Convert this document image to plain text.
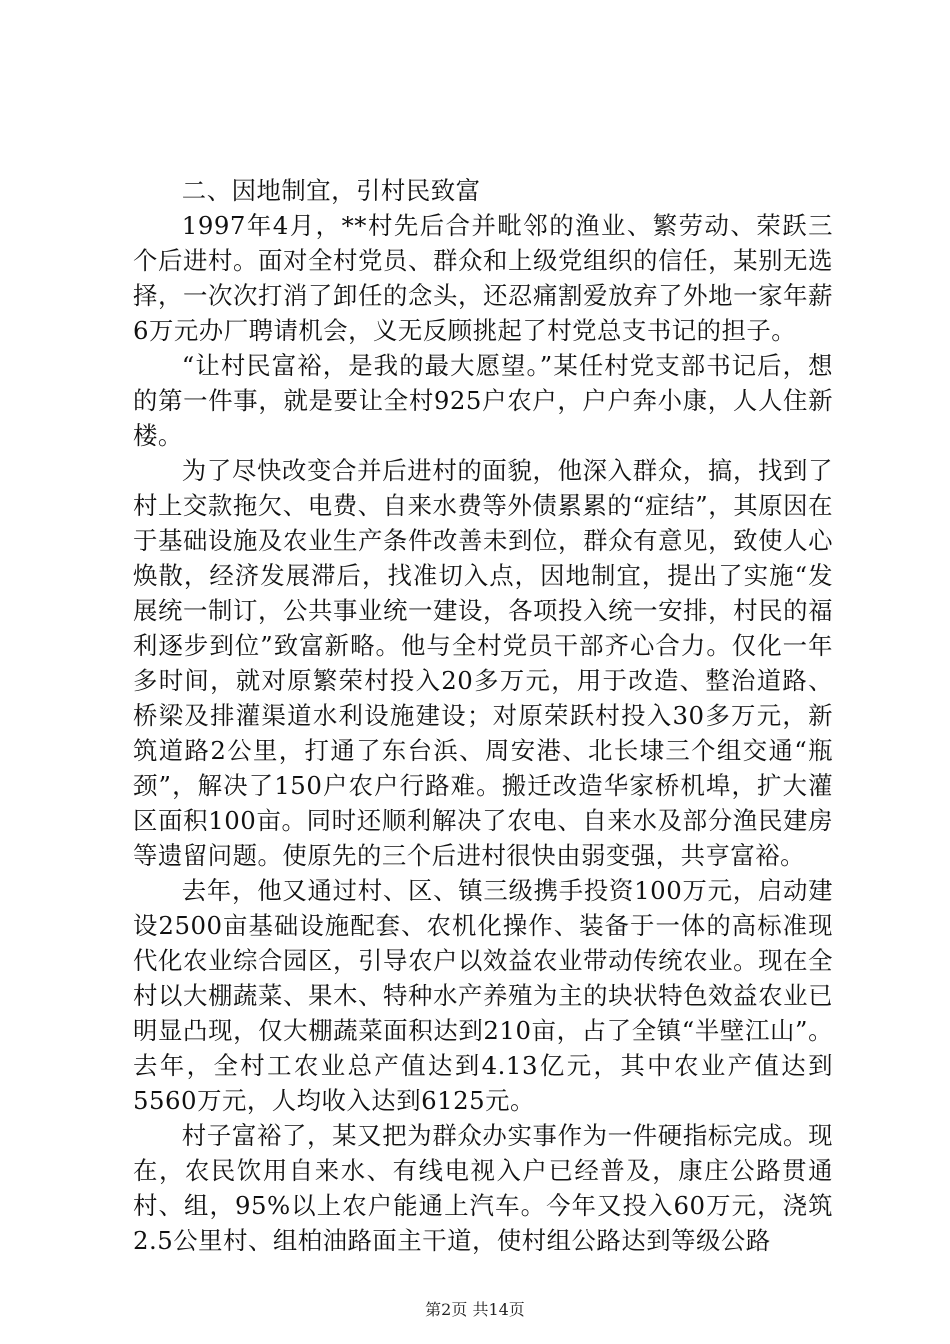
二、因地制宜，引村民致富

1997年4月，**村先后合并毗邻的渔业、繁劳动、荣跃三个后进村。面对全村党员、群众和上级党组织的信任，某别无选择，一次次打消了卸任的念头，还忍痛割爱放弃了外地一家年薪6万元办厂聘请机会，义无反顾挑起了村党总支书记的担子。

“让村民富裕，是我的最大愿望。”某任村党支部书记后，想的第一件事，就是要让全村925户农户，户户奔小康，人人住新楼。

为了尽快改变合并后进村的面貌，他深入群众，搞，找到了村上交款拖欠、电费、自来水费等外债累累的“症结”，其原因在于基础设施及农业生产条件改善未到位，群众有意见，致使人心焕散，经济发展滞后，找准切入点，因地制宜，提出了实施“发展统一制订，公共事业统一建设，各项投入统一安排，村民的福利逐步到位”致富新略。他与全村党员干部齐心合力。仅化一年多时间，就对原繁荣村投入20多万元，用于改造、整治道路、桥梁及排灌渠道水利设施建设；对原荣跃村投入30多万元，新筑道路2公里，打通了东台浜、周安港、北长埭三个组交通“瓶颈”，解决了150户农户行路难。搬迁改造华家桥机埠，扩大灌区面积100亩。同时还顺利解决了农电、自来水及部分渔民建房等遗留问题。使原先的三个后进村很快由弱变强，共亨富裕。

去年，他又通过村、区、镇三级携手投资100万元，启动建设2500亩基础设施配套、农机化操作、装备于一体的高标准现代化农业综合园区，引导农户以效益农业带动传统农业。现在全村以大棚蔬菜、果木、特种水产养殖为主的块状特色效益农业已明显凸现，仅大棚蔬菜面积达到210亩，占了全镇“半壁江山”。去年，全村工农业总产值达到4.13亿元，其中农业产值达到5560万元，人均收入达到6125元。

村子富裕了，某又把为群众办实事作为一件硬指标完成。现在，农民饮用自来水、有线电视入户已经普及，康庄公路贯通村、组，95%以上农户能通上汽车。今年又投入60万元，浇筑2.5公里村、组柏油路面主干道，使村组公路达到等级公路

第2页 共14页
